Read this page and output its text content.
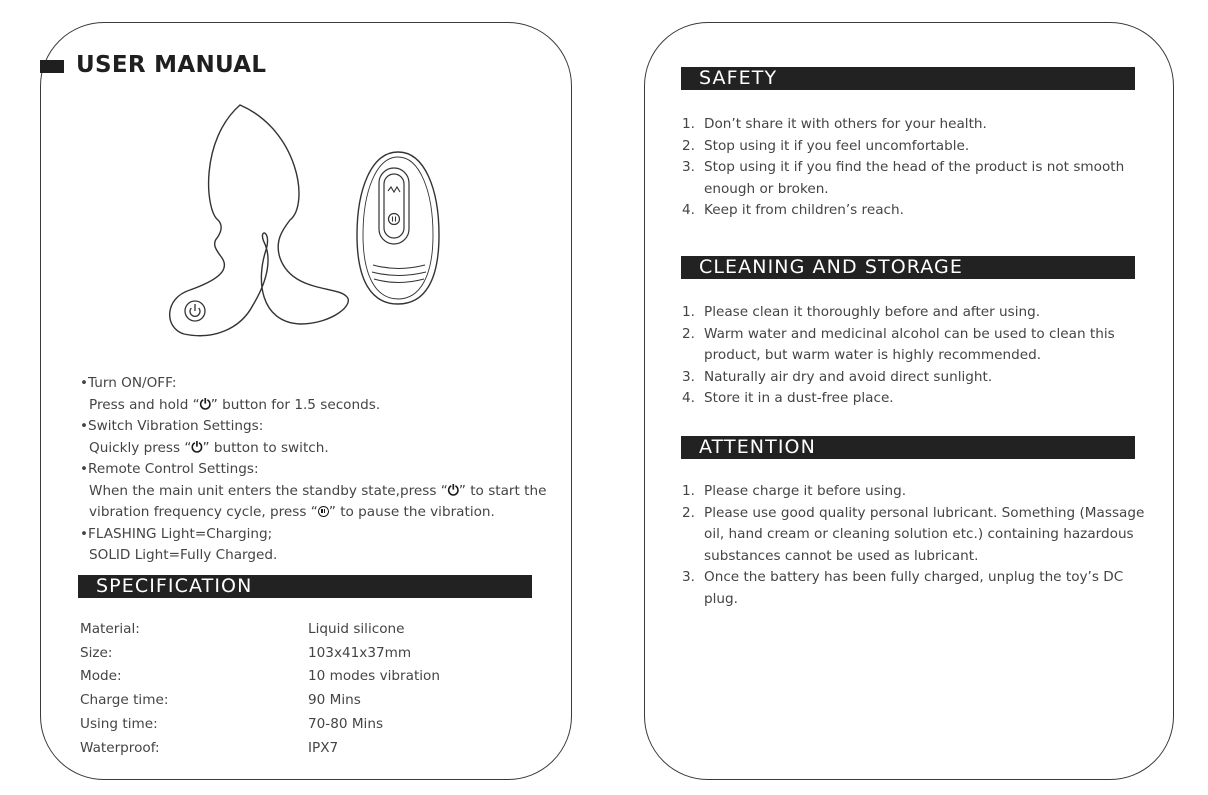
USER MANUAL
•Turn ON/OFF:
Press and hold “⏻” button for 1.5 seconds.
•Switch Vibration Settings:
Quickly press “⏻” button to switch.
•Remote Control Settings:
When the main unit enters the standby state,press “⏻” to start the
vibration frequency cycle, press “ ” to pause the vibration.
•FLASHING Light=Charging;
SOLID Light=Fully Charged.
SPECIFICATION
Material:	Liquid silicone
Size:	103x41x37mm
Mode:	10 modes vibration
Charge time:	90 Mins
Using time:	70-80 Mins
Waterproof:	IPX7
SAFETY
1. Don’t share it with others for your health.
2. Stop using it if you feel uncomfortable.
3. Stop using it if you find the head of the product is not smooth enough or broken.
4. Keep it from children’s reach.
CLEANING AND STORAGE
1. Please clean it thoroughly before and after using.
2. Warm water and medicinal alcohol can be used to clean this product, but warm water is highly recommended.
3. Naturally air dry and avoid direct sunlight.
4. Store it in a dust-free place.
ATTENTION
1. Please charge it before using.
2. Please use good quality personal lubricant. Something (Massage oil, hand cream or cleaning solution etc.) containing hazardous substances cannot be used as lubricant.
3. Once the battery has been fully charged, unplug the toy’s DC plug.
